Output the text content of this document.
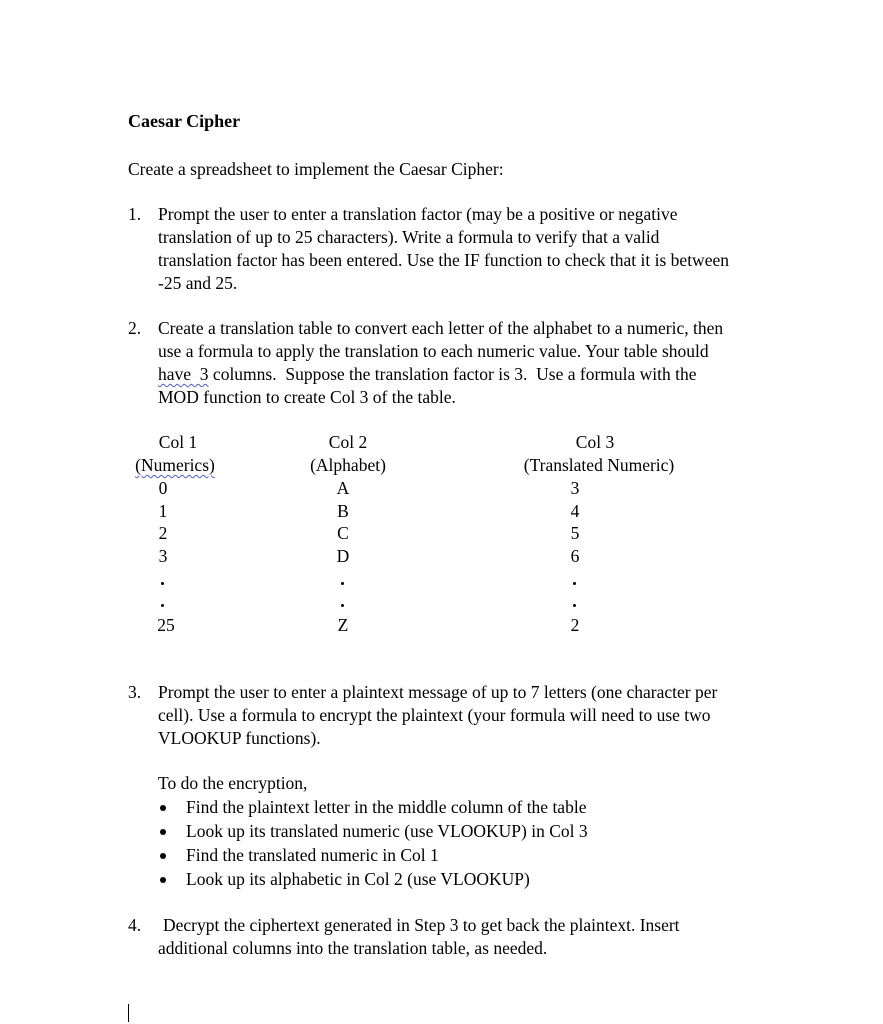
Caesar Cipher
Create a spreadsheet to implement the Caesar Cipher:
1. Prompt the user to enter a translation factor (may be a positive or negative
translation of up to 25 characters). Write a formula to verify that a valid
translation factor has been entered. Use the IF function to check that it is between
-25 and 25.
2. Create a translation table to convert each letter of the alphabet to a numeric, then
use a formula to apply the translation to each numeric value. Your table should
have  3 columns.  Suppose the translation factor is 3.  Use a formula with the
MOD function to create Col 3 of the table.
Col 1
(Numerics)
0
1
2
3
25
Col 2
(Alphabet)
A
B
C
D
Z
Col 3
(Translated Numeric)
3
4
5
6
2
3. Prompt the user to enter a plaintext message of up to 7 letters (one character per
cell). Use a formula to encrypt the plaintext (your formula will need to use two
VLOOKUP functions).
To do the encryption,
Find the plaintext letter in the middle column of the table
Look up its translated numeric (use VLOOKUP) in Col 3
Find the translated numeric in Col 1
Look up its alphabetic in Col 2 (use VLOOKUP)
4. Decrypt the ciphertext generated in Step 3 to get back the plaintext. Insert
additional columns into the translation table, as needed.
